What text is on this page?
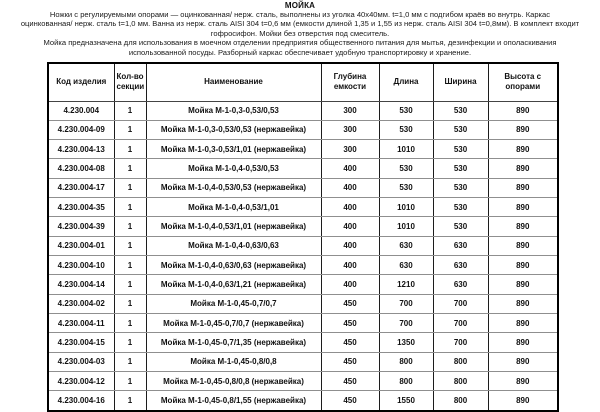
МОЙКА
Ножки с регулируемыми опорами — оцинкованная/ нерж. сталь, выполнены из уголка 40х40мм. t=1,0 мм с подгибом краёв во внутрь. Каркас
оцинкованная/ нерж. сталь t=1,0 мм. Ванна из нерж. сталь AISI 304 t=0,6 мм (емкости длиной 1,35 и 1,55 из нерж. сталь AISI 304 t=0,8мм). В комплект входит
гофросифон. Мойки без отверстия под смеситель.
Мойка предназначена для использования в моечном отделении предприятия общественного питания для мытья, дезинфекции и ополаскивания
использованной посуды. Разборный каркас обеспечивает удобную транспортировку и хранение.
Код изделия	Кол-во секции	Наименование	Глубина емкости	Длина	Ширина	Высота с опорами
4.230.004	1	Мойка М-1-0,3-0,53/0,53	300	530	530	890
4.230.004-09	1	Мойка М-1-0,3-0,53/0,53 (нержавейка)	300	530	530	890
4.230.004-13	1	Мойка М-1-0,3-0,53/1,01 (нержавейка)	300	1010	530	890
4.230.004-08	1	Мойка М-1-0,4-0,53/0,53	400	530	530	890
4.230.004-17	1	Мойка М-1-0,4-0,53/0,53 (нержавейка)	400	530	530	890
4.230.004-35	1	Мойка М-1-0,4-0,53/1,01	400	1010	530	890
4.230.004-39	1	Мойка М-1-0,4-0,53/1,01 (нержавейка)	400	1010	530	890
4.230.004-01	1	Мойка М-1-0,4-0,63/0,63	400	630	630	890
4.230.004-10	1	Мойка М-1-0,4-0,63/0,63 (нержавейка)	400	630	630	890
4.230.004-14	1	Мойка М-1-0,4-0,63/1,21 (нержавейка)	400	1210	630	890
4.230.004-02	1	Мойка М-1-0,45-0,7/0,7	450	700	700	890
4.230.004-11	1	Мойка М-1-0,45-0,7/0,7 (нержавейка)	450	700	700	890
4.230.004-15	1	Мойка М-1-0,45-0,7/1,35 (нержавейка)	450	1350	700	890
4.230.004-03	1	Мойка М-1-0,45-0,8/0,8	450	800	800	890
4.230.004-12	1	Мойка М-1-0,45-0,8/0,8 (нержавейка)	450	800	800	890
4.230.004-16	1	Мойка М-1-0,45-0,8/1,55 (нержавейка)	450	1550	800	890
